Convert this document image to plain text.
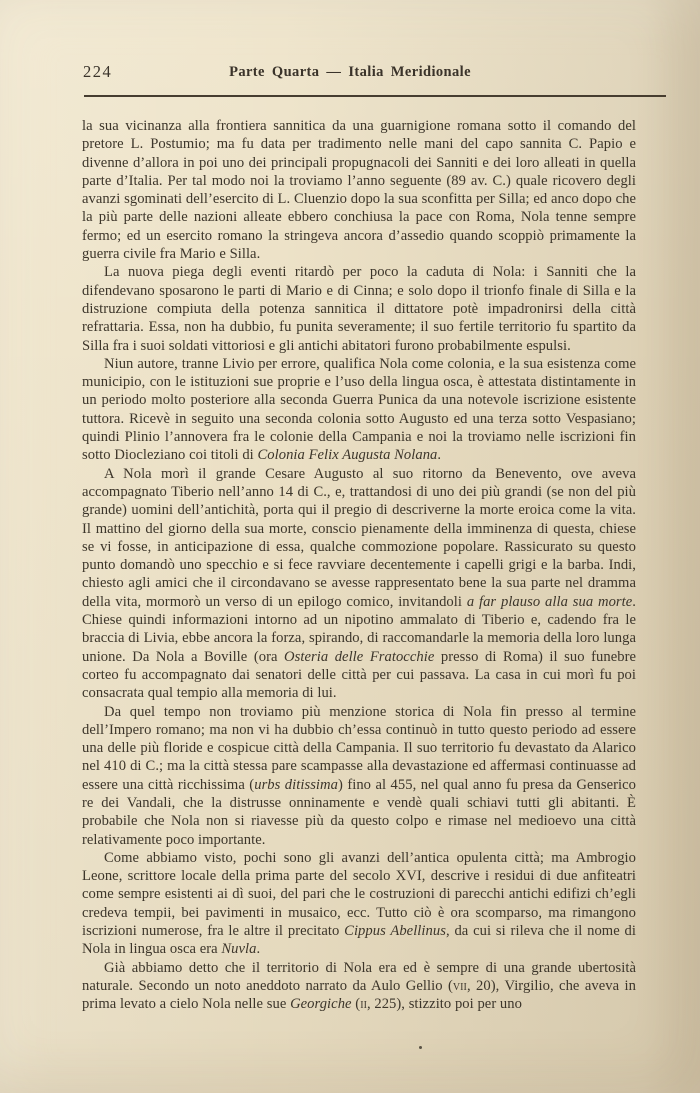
224	Parte Quarta — Italia Meridionale

la sua vicinanza alla frontiera sannitica da una guarnigione romana sotto il comando del pretore L. Postumio; ma fu data per tradimento nelle mani del capo sannita C. Papio e divenne d’allora in poi uno dei principali propugnacoli dei Sanniti e dei loro alleati in quella parte d’Italia. Per tal modo noi la troviamo l’anno seguente (89 av. C.) quale ricovero degli avanzi sgominati dell’esercito di L. Cluenzio dopo la sua sconfitta per Silla; ed anco dopo che la più parte delle nazioni alleate ebbero conchiusa la pace con Roma, Nola tenne sempre fermo; ed un esercito romano la stringeva ancora d’assedio quando scoppiò primamente la guerra civile fra Mario e Silla.

La nuova piega degli eventi ritardò per poco la caduta di Nola: i Sanniti che la difendevano sposarono le parti di Mario e di Cinna; e solo dopo il trionfo finale di Silla e la distruzione compiuta della potenza sannitica il dittatore potè impadronirsi della città refrattaria. Essa, non ha dubbio, fu punita severamente; il suo fertile territorio fu spartito da Silla fra i suoi soldati vittoriosi e gli antichi abitatori furono probabilmente espulsi.

Niun autore, tranne Livio per errore, qualifica Nola come colonia, e la sua esistenza come municipio, con le istituzioni sue proprie e l’uso della lingua osca, è attestata distintamente in un periodo molto posteriore alla seconda Guerra Punica da una notevole iscrizione esistente tuttora. Ricevè in seguito una seconda colonia sotto Augusto ed una terza sotto Vespasiano; quindi Plinio l’annovera fra le colonie della Campania e noi la troviamo nelle iscrizioni fin sotto Diocleziano coi titoli di Colonia Felix Augusta Nolana.

A Nola morì il grande Cesare Augusto al suo ritorno da Benevento, ove aveva accompagnato Tiberio nell’anno 14 di C., e, trattandosi di uno dei più grandi (se non del più grande) uomini dell’antichità, porta qui il pregio di descriverne la morte eroica come la vita. Il mattino del giorno della sua morte, conscio pienamente della imminenza di questa, chiese se vi fosse, in anticipazione di essa, qualche commozione popolare. Rassicurato su questo punto domandò uno specchio e si fece ravviare decentemente i capelli grigi e la barba. Indi, chiesto agli amici che il circondavano se avesse rappresentato bene la sua parte nel dramma della vita, mormorò un verso di un epilogo comico, invitandoli a far plauso alla sua morte. Chiese quindi informazioni intorno ad un nipotino ammalato di Tiberio e, cadendo fra le braccia di Livia, ebbe ancora la forza, spirando, di raccomandarle la memoria della loro lunga unione. Da Nola a Boville (ora Osteria delle Fratocchie presso di Roma) il suo funebre corteo fu accompagnato dai senatori delle città per cui passava. La casa in cui morì fu poi consacrata qual tempio alla memoria di lui.

Da quel tempo non troviamo più menzione storica di Nola fin presso al termine dell’Impero romano; ma non vi ha dubbio ch’essa continuò in tutto questo periodo ad essere una delle più floride e cospicue città della Campania. Il suo territorio fu devastato da Alarico nel 410 di C.; ma la città stessa pare scampasse alla devastazione ed affermasi continuasse ad essere una città ricchissima (urbs ditissima) fino al 455, nel qual anno fu presa da Genserico re dei Vandali, che la distrusse onninamente e vendè quali schiavi tutti gli abitanti. È probabile che Nola non si riavesse più da questo colpo e rimase nel medioevo una città relativamente poco importante.

Come abbiamo visto, pochi sono gli avanzi dell’antica opulenta città; ma Ambrogio Leone, scrittore locale della prima parte del secolo XVI, descrive i residui di due anfiteatri come sempre esistenti ai dì suoi, del pari che le costruzioni di parecchi antichi edifizi ch’egli credeva tempii, bei pavimenti in musaico, ecc. Tutto ciò è ora scomparso, ma rimangono iscrizioni numerose, fra le altre il precitato Cippus Abellinus, da cui si rileva che il nome di Nola in lingua osca era Nuvla.

Già abbiamo detto che il territorio di Nola era ed è sempre di una grande ubertosità naturale. Secondo un noto aneddoto narrato da Aulo Gellio (vii, 20), Virgilio, che aveva in prima levato a cielo Nola nelle sue Georgiche (ii, 225), stizzito poi per uno
